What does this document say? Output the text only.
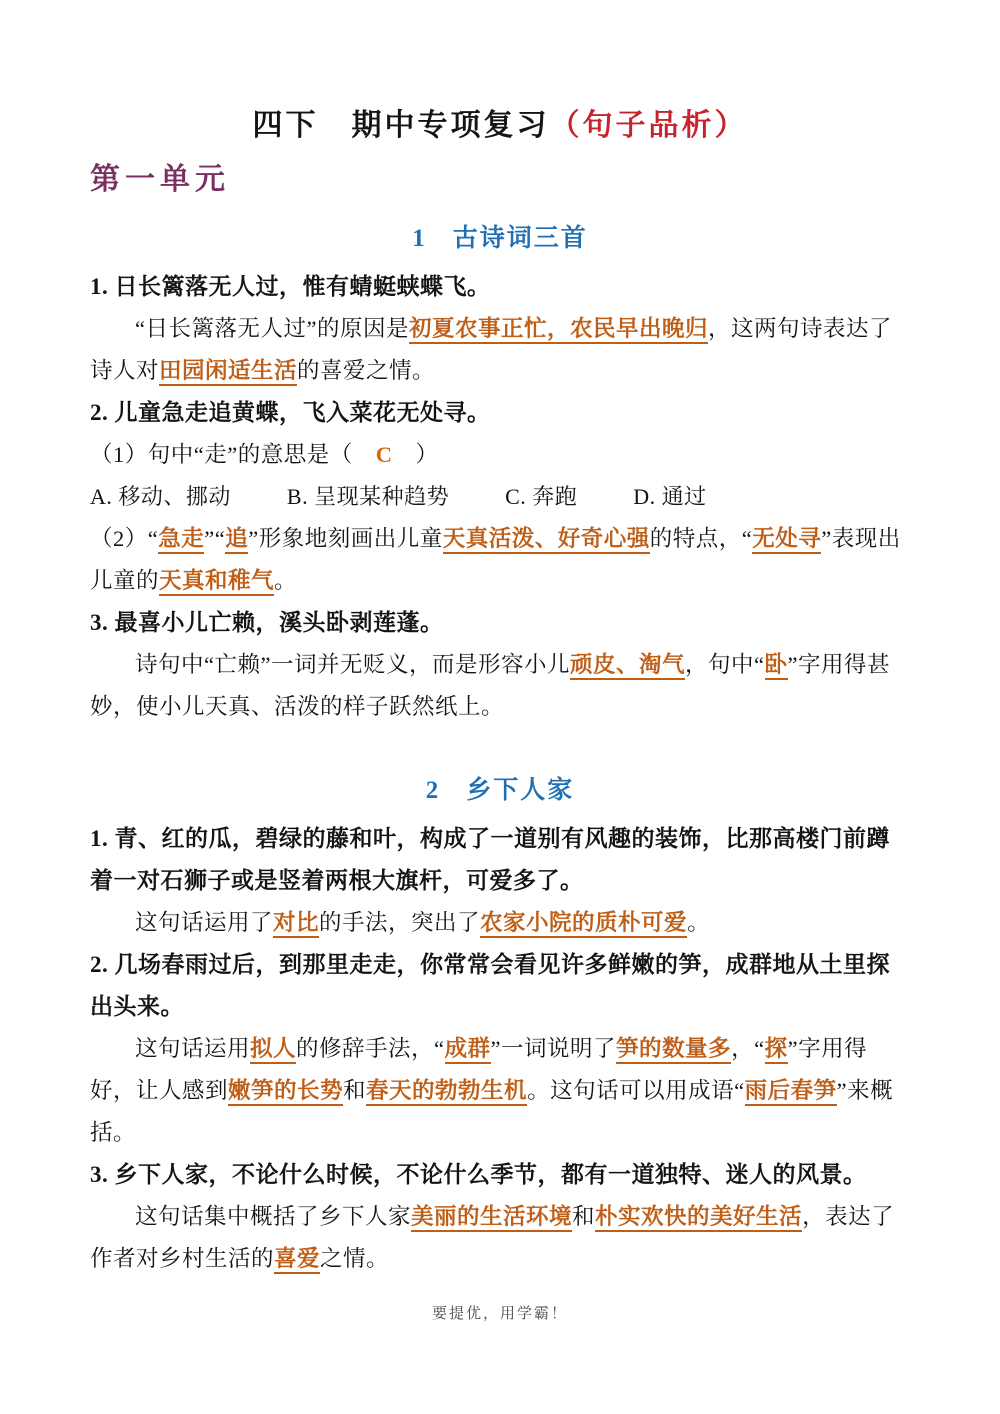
四下　期中专项复习（句子品析）
第一单元
1 古诗词三首

1. 日长篱落无人过，惟有蜻蜓蛱蝶飞。

“日长篱落无人过”的原因是初夏农事正忙，农民早出晚归，这两句诗表达了诗人对田园闲适生活的喜爱之情。

2. 儿童急走追黄蝶，飞入菜花无处寻。

（1）句中“走”的意思是（　C　）

A. 移动、挪动	B. 呈现某种趋势	C. 奔跑	D. 通过

（2）“急走”“追”形象地刻画出儿童天真活泼、好奇心强的特点，“无处寻”表现出儿童的天真和稚气。

3. 最喜小儿亡赖，溪头卧剥莲蓬。

诗句中“亡赖”一词并无贬义，而是形容小儿顽皮、淘气，句中“卧”字用得甚妙，使小儿天真、活泼的样子跃然纸上。

2 乡下人家

1. 青、红的瓜，碧绿的藤和叶，构成了一道别有风趣的装饰，比那高楼门前蹲着一对石狮子或是竖着两根大旗杆，可爱多了。

这句话运用了对比的手法，突出了农家小院的质朴可爱。

2. 几场春雨过后，到那里走走，你常常会看见许多鲜嫩的笋，成群地从土里探出头来。

这句话运用拟人的修辞手法，“成群”一词说明了笋的数量多，“探”字用得好，让人感到嫩笋的长势和春天的勃勃生机。这句话可以用成语“雨后春笋”来概括。

3. 乡下人家，不论什么时候，不论什么季节，都有一道独特、迷人的风景。

这句话集中概括了乡下人家美丽的生活环境和朴实欢快的美好生活，表达了作者对乡村生活的喜爱之情。

要提优，用学霸！
